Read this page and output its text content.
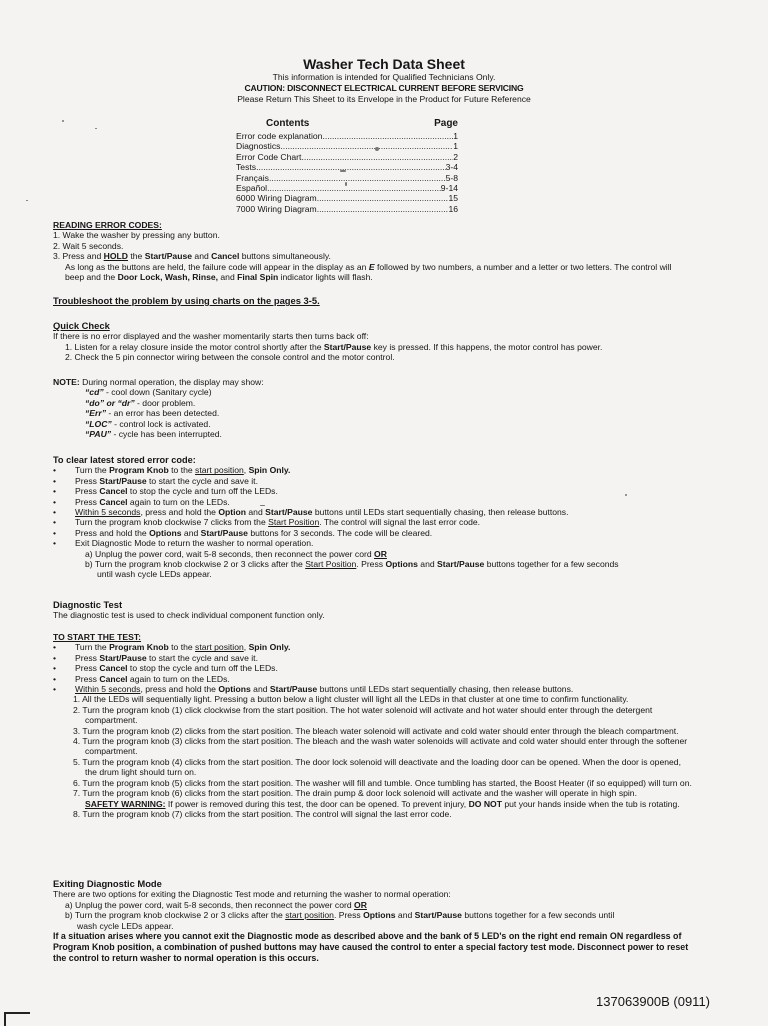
Washer Tech Data Sheet
This information is intended for Qualified Technicians Only.
CAUTION: DISCONNECT ELECTRICAL CURRENT BEFORE SERVICING
Please Return This Sheet to its Envelope in the Product for Future Reference
Contents	Page
Error code explanation .....	1
Diagnostics .....	1
Error Code Chart .....	2
Tests .....	3-4
Français .....	5-8
Español .....	9-14
6000 Wiring Diagram .....	15
7000 Wiring Diagram .....	16

READING ERROR CODES:

1. Wake the washer by pressing any button.

2. Wait 5 seconds.

3. Press and HOLD the Start/Pause and Cancel buttons simultaneously.

As long as the buttons are held, the failure code will appear in the display as an E followed by two numbers, a number and a letter or two letters. The control will beep and the Door Lock, Wash, Rinse, and Final Spin indicator lights will flash.

Troubleshoot the problem by using charts on the pages 3-5.

Quick Check

If there is no error displayed and the washer momentarily starts then turns back off:

1. Listen for a relay closure inside the motor control shortly after the Start/Pause key is pressed. If this happens, the motor control has power.

2. Check the 5 pin connector wiring between the console control and the motor control.

NOTE: During normal operation, the display may show:

“cd” - cool down (Sanitary cycle)

“do” or “dr” - door problem.

“Err” - an error has been detected.

“LOC” - control lock is activated.

“PAU” - cycle has been interrupted.

To clear latest stored error code:

• Turn the Program Knob to the start position, Spin Only.
• Press Start/Pause to start the cycle and save it.
• Press Cancel to stop the cycle and turn off the LEDs.
• Press Cancel again to turn on the LEDs.
• Within 5 seconds, press and hold the Option and Start/Pause buttons until LEDs start sequentially chasing, then release buttons.
• Turn the program knob clockwise 7 clicks from the Start Position. The control will signal the last error code.
• Press and hold the Options and Start/Pause buttons for 3 seconds. The code will be cleared.
• Exit Diagnostic Mode to return the washer to normal operation.

a) Unplug the power cord, wait 5-8 seconds, then reconnect the power cord OR

b) Turn the program knob clockwise 2 or 3 clicks after the Start Position. Press Options and Start/Pause buttons together for a few seconds

until wash cycle LEDs appear.

Diagnostic Test

The diagnostic test is used to check individual component function only.

TO START THE TEST:

• Turn the Program Knob to the start position, Spin Only.
• Press Start/Pause to start the cycle and save it.
• Press Cancel to stop the cycle and turn off the LEDs.
• Press Cancel again to turn on the LEDs.
• Within 5 seconds, press and hold the Options and Start/Pause buttons until LEDs start sequentially chasing, then release buttons.

1. All the LEDs will sequentially light. Pressing a button below a light cluster will light all the LEDs in that cluster at one time to confirm functionality.

2. Turn the program knob (1) click clockwise from the start position. The hot water solenoid will activate and hot water should enter through the detergent compartment.

3. Turn the program knob (2) clicks from the start position. The bleach water solenoid will activate and cold water should enter through the bleach compartment.

4. Turn the program knob (3) clicks from the start position. The bleach and the wash water solenoids will activate and cold water should enter through the softener compartment.

5. Turn the program knob (4) clicks from the start position. The door lock solenoid will deactivate and the loading door can be opened. When the door is opened, the drum light should turn on.

6. Turn the program knob (5) clicks from the start position. The washer will fill and tumble. Once tumbling has started, the Boost Heater (if so equipped) will turn on.

7. Turn the program knob (6) clicks from the start position. The drain pump & door lock solenoid will activate and the washer will operate in high spin.
SAFETY WARNING: If power is removed during this test, the door can be opened. To prevent injury, DO NOT put your hands inside when the tub is rotating.

8. Turn the program knob (7) clicks from the start position. The control will signal the last error code.

Exiting Diagnostic Mode

There are two options for exiting the Diagnostic Test mode and returning the washer to normal operation:

a) Unplug the power cord, wait 5-8 seconds, then reconnect the power cord OR

b) Turn the program knob clockwise 2 or 3 clicks after the start position. Press Options and Start/Pause buttons together for a few seconds until

wash cycle LEDs appear.

If a situation arises where you cannot exit the Diagnostic mode as described above and the bank of 5 LED's on the right end remain ON regardless of Program Knob position, a combination of pushed buttons may have caused the control to enter a special factory test mode. Disconnect power to reset the control to return washer to normal operation is this occurs.

137063900B (0911)
